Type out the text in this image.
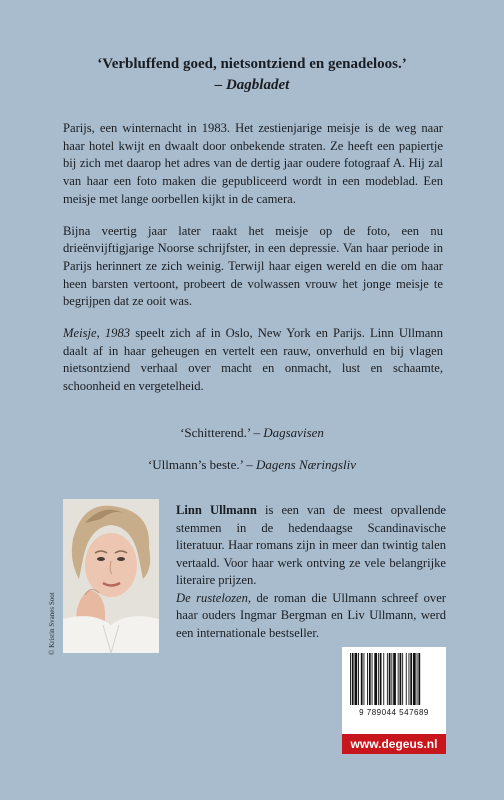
‘Verbluffend goed, nietsontziend en genadeloos.’
– Dagbladet

Parijs, een winternacht in 1983. Het zestienjarige meisje is de weg naar haar hotel kwijt en dwaalt door onbekende straten. Ze heeft een papiertje bij zich met daarop het adres van de dertig jaar oudere fotograaf A. Hij zal van haar een foto maken die gepubliceerd wordt in een modeblad. Een meisje met lange oorbellen kijkt in de camera.

Bijna veertig jaar later raakt het meisje op de foto, een nu drieënvijftigjarige Noorse schrijfster, in een depressie. Van haar periode in Parijs herinnert ze zich weinig. Terwijl haar eigen wereld en die om haar heen barsten vertoont, probeert de volwassen vrouw het jonge meisje te begrijpen dat ze ooit was.

Meisje, 1983 speelt zich af in Oslo, New York en Parijs. Linn Ullmann daalt af in haar geheugen en vertelt een rauw, onverhuld en bij vlagen nietsontziend verhaal over macht en onmacht, lust en schaamte, schoonheid en vergetelheid.

‘Schitterend.’ – Dagsavisen
‘Ullmann’s beste.’ – Dagens Næringsliv
© Kristin Svanes Soot

Linn Ullmann is een van de meest opvallende stemmen in de hedendaagse Scandinavische literatuur. Haar romans zijn in meer dan twintig talen vertaald. Voor haar werk ontving ze vele belangrijke literaire prijzen.

De rustelozen, de roman die Ullmann schreef over haar ouders Ingmar Bergman en Liv Ullmann, werd een internationale bestseller.

9 789044 547689
www.degeus.nl
